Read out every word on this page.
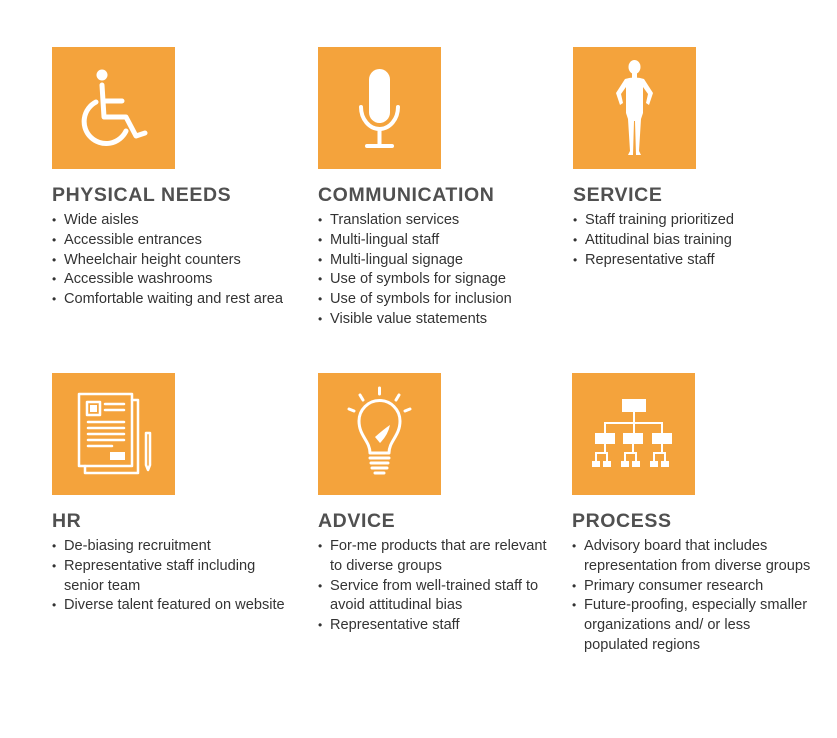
PHYSICAL NEEDS
• Wide aisles
• Accessible entrances
• Wheelchair height counters
• Accessible washrooms
• Comfortable waiting and rest area
COMMUNICATION
• Translation services
• Multi-lingual staff
• Multi-lingual signage
• Use of symbols for signage
• Use of symbols for inclusion
• Visible value statements
SERVICE
• Staff training prioritized
• Attitudinal bias training
• Representative staff
HR
• De-biasing recruitment
• Representative staff including senior team
• Diverse talent featured on website
ADVICE
• For-me products that are relevant to diverse groups
• Service from well-trained staff to avoid attitudinal bias
• Representative staff
PROCESS
• Advisory board that includes representation from diverse groups
• Primary consumer research
• Future-proofing, especially smaller organizations and/ or less populated regions
